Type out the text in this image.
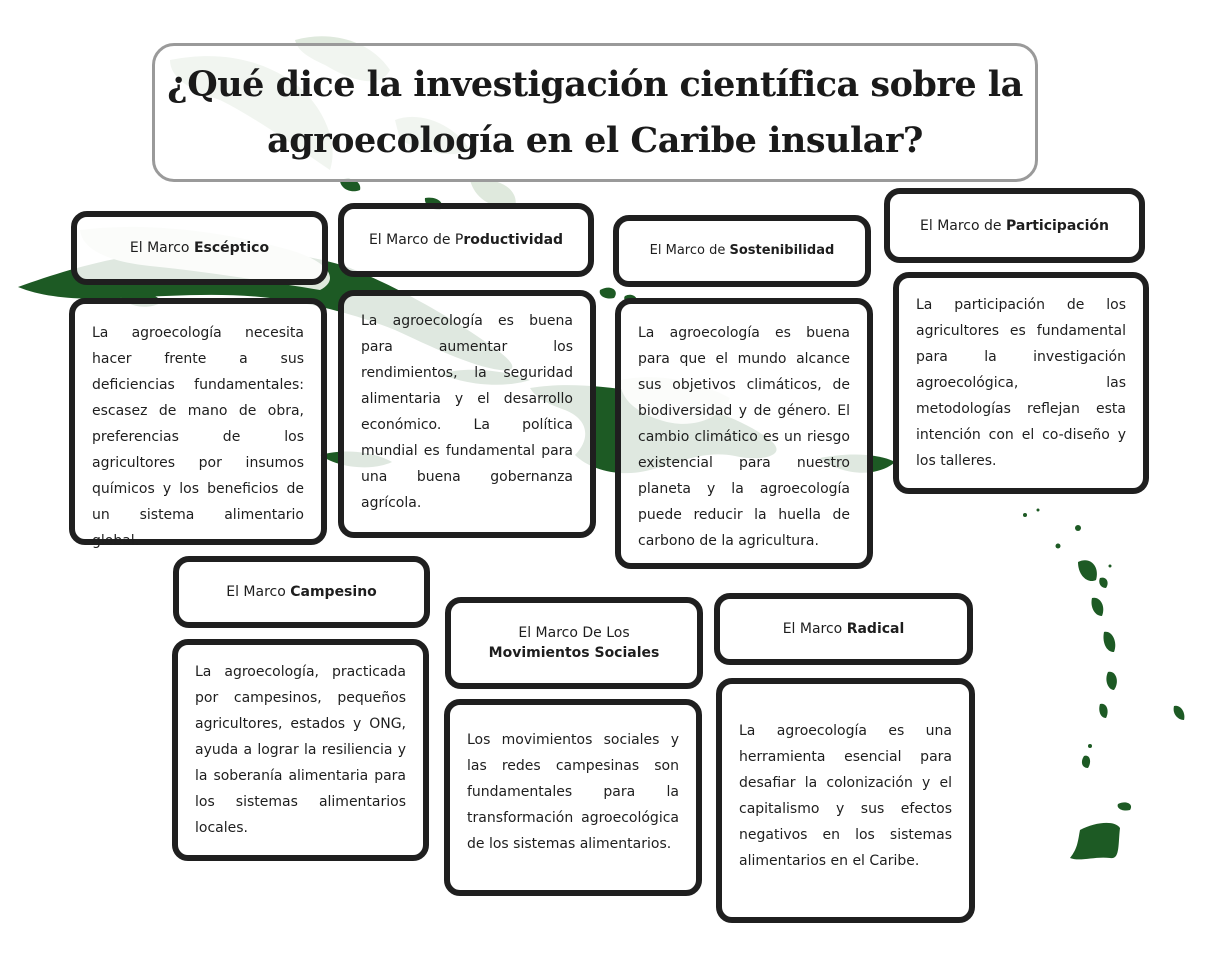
¿Qué dice la investigación científica sobre la
agroecología en el Caribe insular?
El Marco Escéptico
La agroecología necesita hacer frente a sus deficiencias fundamentales: escasez de mano de obra, preferencias de los agricultores por insumos químicos y los beneficios de un sistema alimentario global.
El Marco de Productividad
La agroecología es buena para aumentar los rendimientos, la seguridad alimentaria y el desarrollo económico. La política mundial es fundamental para una buena gobernanza agrícola.
El Marco de Sostenibilidad
La agroecología es buena para que el mundo alcance sus objetivos climáticos, de biodiversidad y de género. El cambio climático es un riesgo existencial para nuestro planeta y la agroecología puede reducir la huella de carbono de la agricultura.
El Marco de Participación
La participación de los agricultores es fundamental para la investigación agroecológica, las metodologías reflejan esta intención con el co-diseño y los talleres.
El Marco Campesino
La agroecología, practicada por campesinos, pequeños agricultores, estados y ONG, ayuda a lograr la resiliencia y la soberanía alimentaria para los sistemas alimentarios locales.
El Marco De Los
Movimientos Sociales
Los movimientos sociales y las redes campesinas son fundamentales para la transformación agroecológica de los sistemas alimentarios.
El Marco Radical
La agroecología es una herramienta esencial para desafiar la colonización y el capitalismo y sus efectos negativos en los sistemas alimentarios en el Caribe.
